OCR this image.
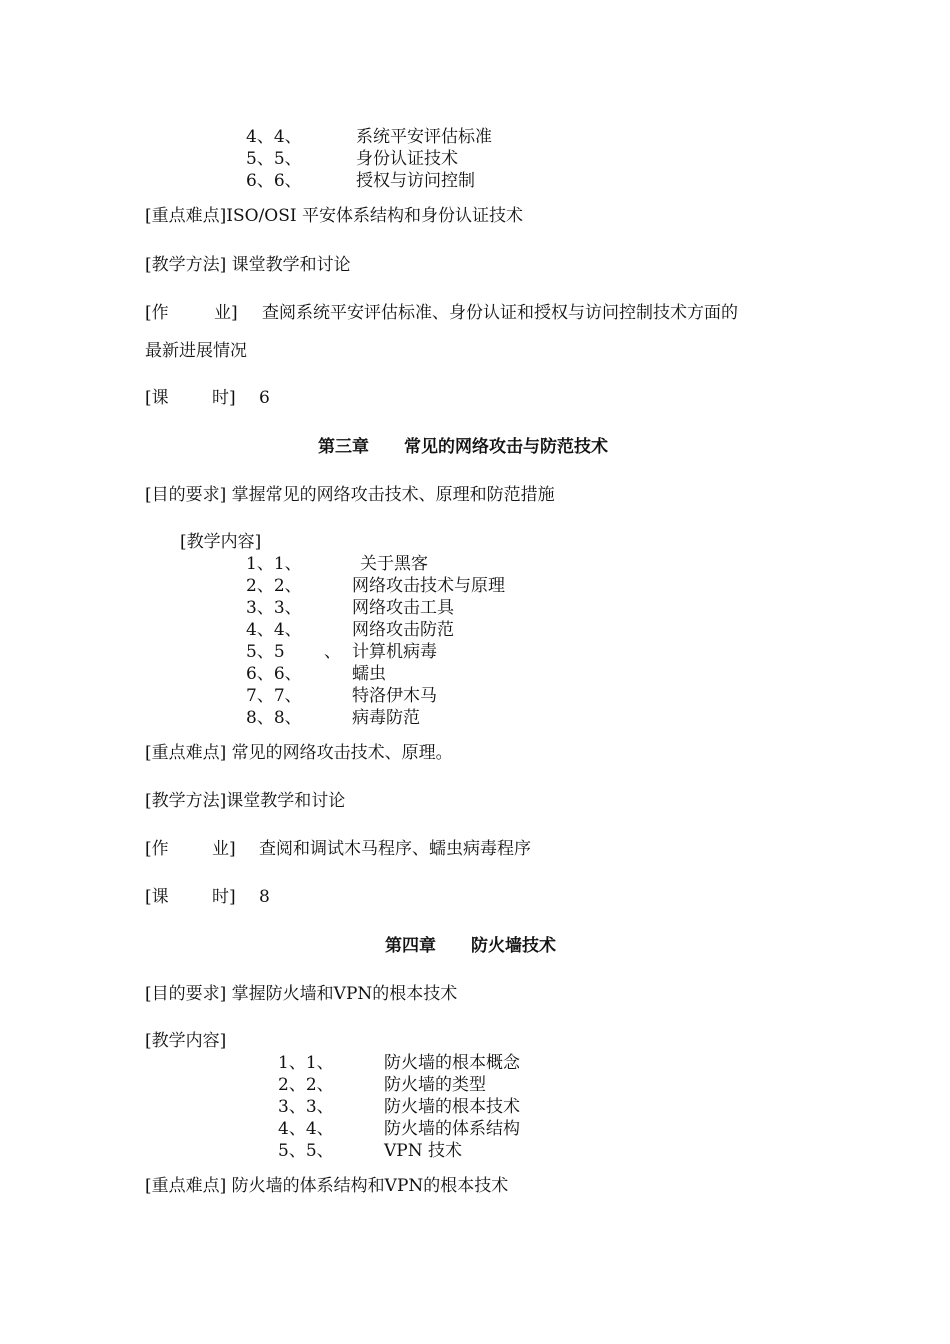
4、4、	系统平安评估标准
5、5、	身份认证技术
6、6、	授权与访问控制
[重点难点]ISO/OSI 平安体系结构和身份认证技术
[教学方法] 课堂教学和讨论
[作	业] 查阅系统平安评估标准、身份认证和授权与访问控制技术方面的
最新进展情况
[课	时] 6
第三章 常见的网络攻击与防范技术
[目的要求] 掌握常见的网络攻击技术、原理和防范措施
[教学内容]
1、1、	关于黑客
2、2、	网络攻击技术与原理
3、3、	网络攻击工具
4、4、	网络攻击防范
5、5 、 计算机病毒
6、6、	蠕虫
7、7、	特洛伊木马
8、8、	病毒防范
[重点难点] 常见的网络攻击技术、原理。
[教学方法]课堂教学和讨论
[作	业] 查阅和调试木马程序、蠕虫病毒程序
[课	时] 8
第四章 防火墙技术
[目的要求] 掌握防火墙和VPN的根本技术
[教学内容]
1、1、	防火墙的根本概念
2、2、	防火墙的类型
3、3、	防火墙的根本技术
4、4、	防火墙的体系结构
5、5、	VPN 技术
[重点难点] 防火墙的体系结构和VPN的根本技术
